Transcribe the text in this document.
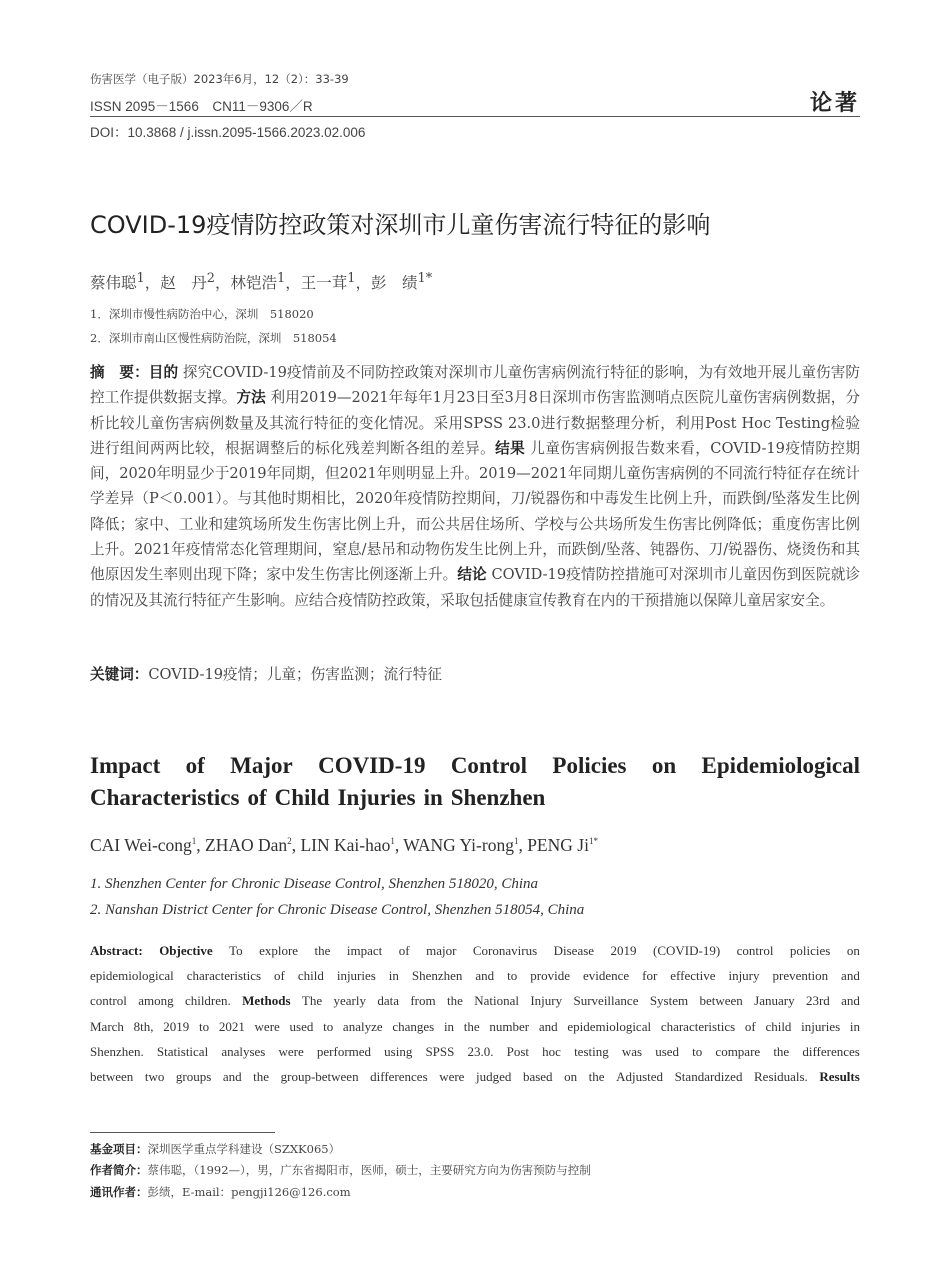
伤害医学（电子版）2023年6月，12（2）：33-39
ISSN 2095－1566　CN11－9306／R	论著
DOI：10.3868 / j.issn.2095-1566.2023.02.006
COVID-19疫情防控政策对深圳市儿童伤害流行特征的影响
蔡伟聪$^1$，赵　丹$^2$，林铠浩$^1$，王一茸$^1$，彭　绩$^{1*}$
1．深圳市慢性病防治中心，深圳　518020
2．深圳市南山区慢性病防治院，深圳　518054
摘　要：目的 探究COVID-19疫情前及不同防控政策对深圳市儿童伤害病例流行特征的影响，为有效地开展儿童伤害防控工作提供数据支撑。方法 利用2019—2021年每年1月23日至3月8日深圳市伤害监测哨点医院儿童伤害病例数据，分析比较儿童伤害病例数量及其流行特征的变化情况。采用SPSS 23.0进行数据整理分析，利用Post Hoc Testing检验进行组间两两比较，根据调整后的标化残差判断各组的差异。结果 儿童伤害病例报告数来看，COVID-19疫情防控期间，2020年明显少于2019年同期，但2021年则明显上升。2019—2021年同期儿童伤害病例的不同流行特征存在统计学差异（P＜0.001）。与其他时期相比，2020年疫情防控期间，刀/锐器伤和中毒发生比例上升，而跌倒/坠落发生比例降低；家中、工业和建筑场所发生伤害比例上升，而公共居住场所、学校与公共场所发生伤害比例降低；重度伤害比例上升。2021年疫情常态化管理期间，窒息/悬吊和动物伤发生比例上升，而跌倒/坠落、钝器伤、刀/锐器伤、烧烫伤和其他原因发生率则出现下降；家中发生伤害比例逐渐上升。结论 COVID-19疫情防控措施可对深圳市儿童因伤到医院就诊的情况及其流行特征产生影响。应结合疫情防控政策，采取包括健康宣传教育在内的干预措施以保障儿童居家安全。
关键词：COVID-19疫情；儿童；伤害监测；流行特征
Impact of Major COVID-19 Control Policies on Epidemiological
Characteristics of Child Injuries in Shenzhen
CAI Wei-cong$^1$, ZHAO Dan$^2$, LIN Kai-hao$^1$, WANG Yi-rong$^1$, PENG $Ji^{1*}$
1. Shenzhen Center for Chronic Disease Control, Shenzhen 518020, China
2. Nanshan District Center for Chronic Disease Control, Shenzhen 518054, China
Abstract: Objective To explore the impact of major Coronavirus Disease 2019 (COVID-19) control policies on
epidemiological characteristics of child injuries in Shenzhen and to provide evidence for effective injury prevention and
control among children. Methods The yearly data from the National Injury Surveillance System between January 23rd and
March 8th, 2019 to 2021 were used to analyze changes in the number and epidemiological characteristics of child injuries in
Shenzhen. Statistical analyses were performed using SPSS 23.0. Post hoc testing was used to compare the differences
between two groups and the group-between differences were judged based on the Adjusted Standardized Residuals. Results
基金项目：深圳医学重点学科建设（SZXK065）
作者简介：蔡伟聪，（1992—），男，广东省揭阳市，医师，硕士，主要研究方向为伤害预防与控制
通讯作者：彭绩，E-mail：pengji126@126.com
